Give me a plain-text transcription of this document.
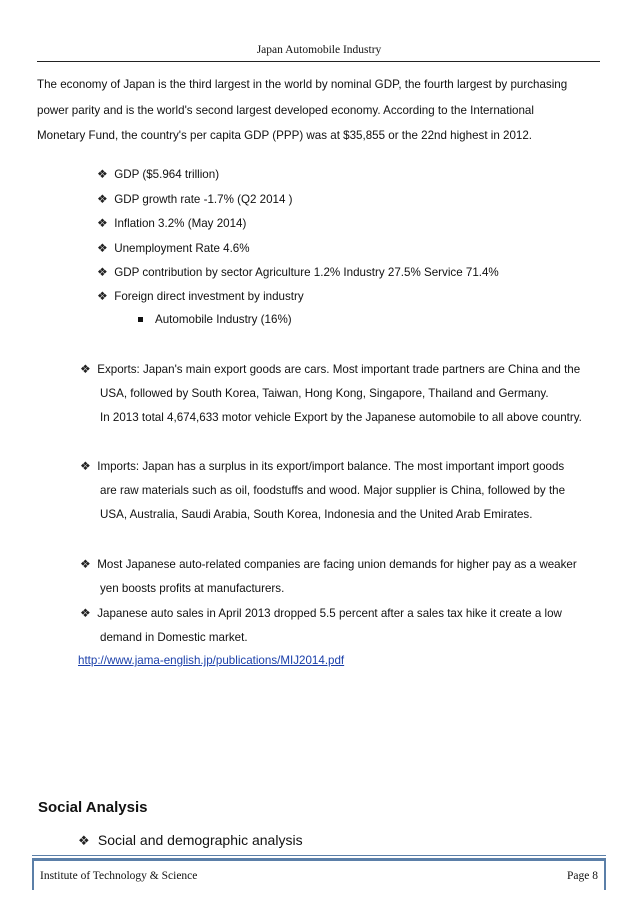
Japan Automobile Industry

The economy of Japan is the third largest in the world by nominal GDP, the fourth largest by purchasing

power parity and is the world's second largest developed economy. According to the International

Monetary Fund, the country's per capita GDP (PPP) was at $35,855 or the 22nd highest in 2012.

❖ GDP ($5.964 trillion)
❖ GDP growth rate -1.7% (Q2 2014 )
❖ Inflation 3.2% (May 2014)
❖ Unemployment Rate 4.6%
❖ GDP contribution by sector Agriculture 1.2% Industry 27.5% Service 71.4%
❖ Foreign direct investment by industry
Automobile Industry (16%)
❖ Exports: Japan's main export goods are cars. Most important trade partners are China and the
USA, followed by South Korea, Taiwan, Hong Kong, Singapore, Thailand and Germany.
In 2013 total 4,674,633 motor vehicle Export by the Japanese automobile to all above country.
❖ Imports: Japan has a surplus in its export/import balance. The most important import goods
are raw materials such as oil, foodstuffs and wood. Major supplier is China, followed by the
USA, Australia, Saudi Arabia, South Korea, Indonesia and the United Arab Emirates.
❖ Most Japanese auto-related companies are facing union demands for higher pay as a weaker
yen boosts profits at manufacturers.
❖ Japanese auto sales in April 2013 dropped 5.5 percent after a sales tax hike it create a low
demand in Domestic market.
http://www.jama-english.jp/publications/MIJ2014.pdf
Social Analysis
❖ Social and demographic analysis
Institute of Technology & Science	Page 8
